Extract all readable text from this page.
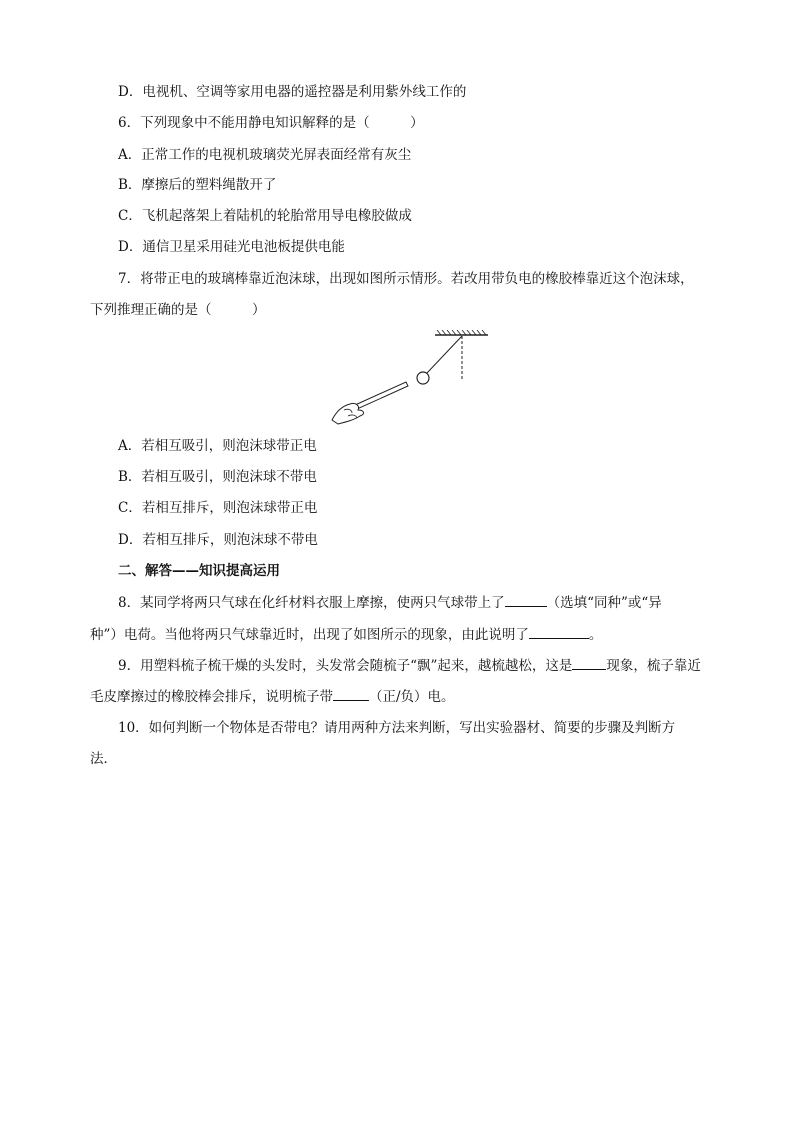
D．电视机、空调等家用电器的遥控器是利用紫外线工作的
6．下列现象中不能用静电知识解释的是（　　　）
A．正常工作的电视机玻璃荧光屏表面经常有灰尘
B．摩擦后的塑料绳散开了
C．飞机起落架上着陆机的轮胎常用导电橡胶做成
D．通信卫星采用硅光电池板提供电能
7．将带正电的玻璃棒靠近泡沫球，出现如图所示情形。若改用带负电的橡胶棒靠近这个泡沫球，
下列推理正确的是（　　　）
A．若相互吸引，则泡沫球带正电
B．若相互吸引，则泡沫球不带电
C．若相互排斥，则泡沫球带正电
D．若相互排斥，则泡沫球不带电
二、解答——知识提高运用
8．某同学将两只气球在化纤材料衣服上摩擦，使两只气球带上了	（选填“同种”或“异
种”）电荷。当他将两只气球靠近时，出现了如图所示的现象，由此说明了	。
9．用塑料梳子梳干燥的头发时，头发常会随梳子“飘”起来，越梳越松，这是	现象，梳子靠近
毛皮摩擦过的橡胶棒会排斥，说明梳子带	（正/负）电。
10．如何判断一个物体是否带电？请用两种方法来判断，写出实验器材、简要的步骤及判断方
法．
